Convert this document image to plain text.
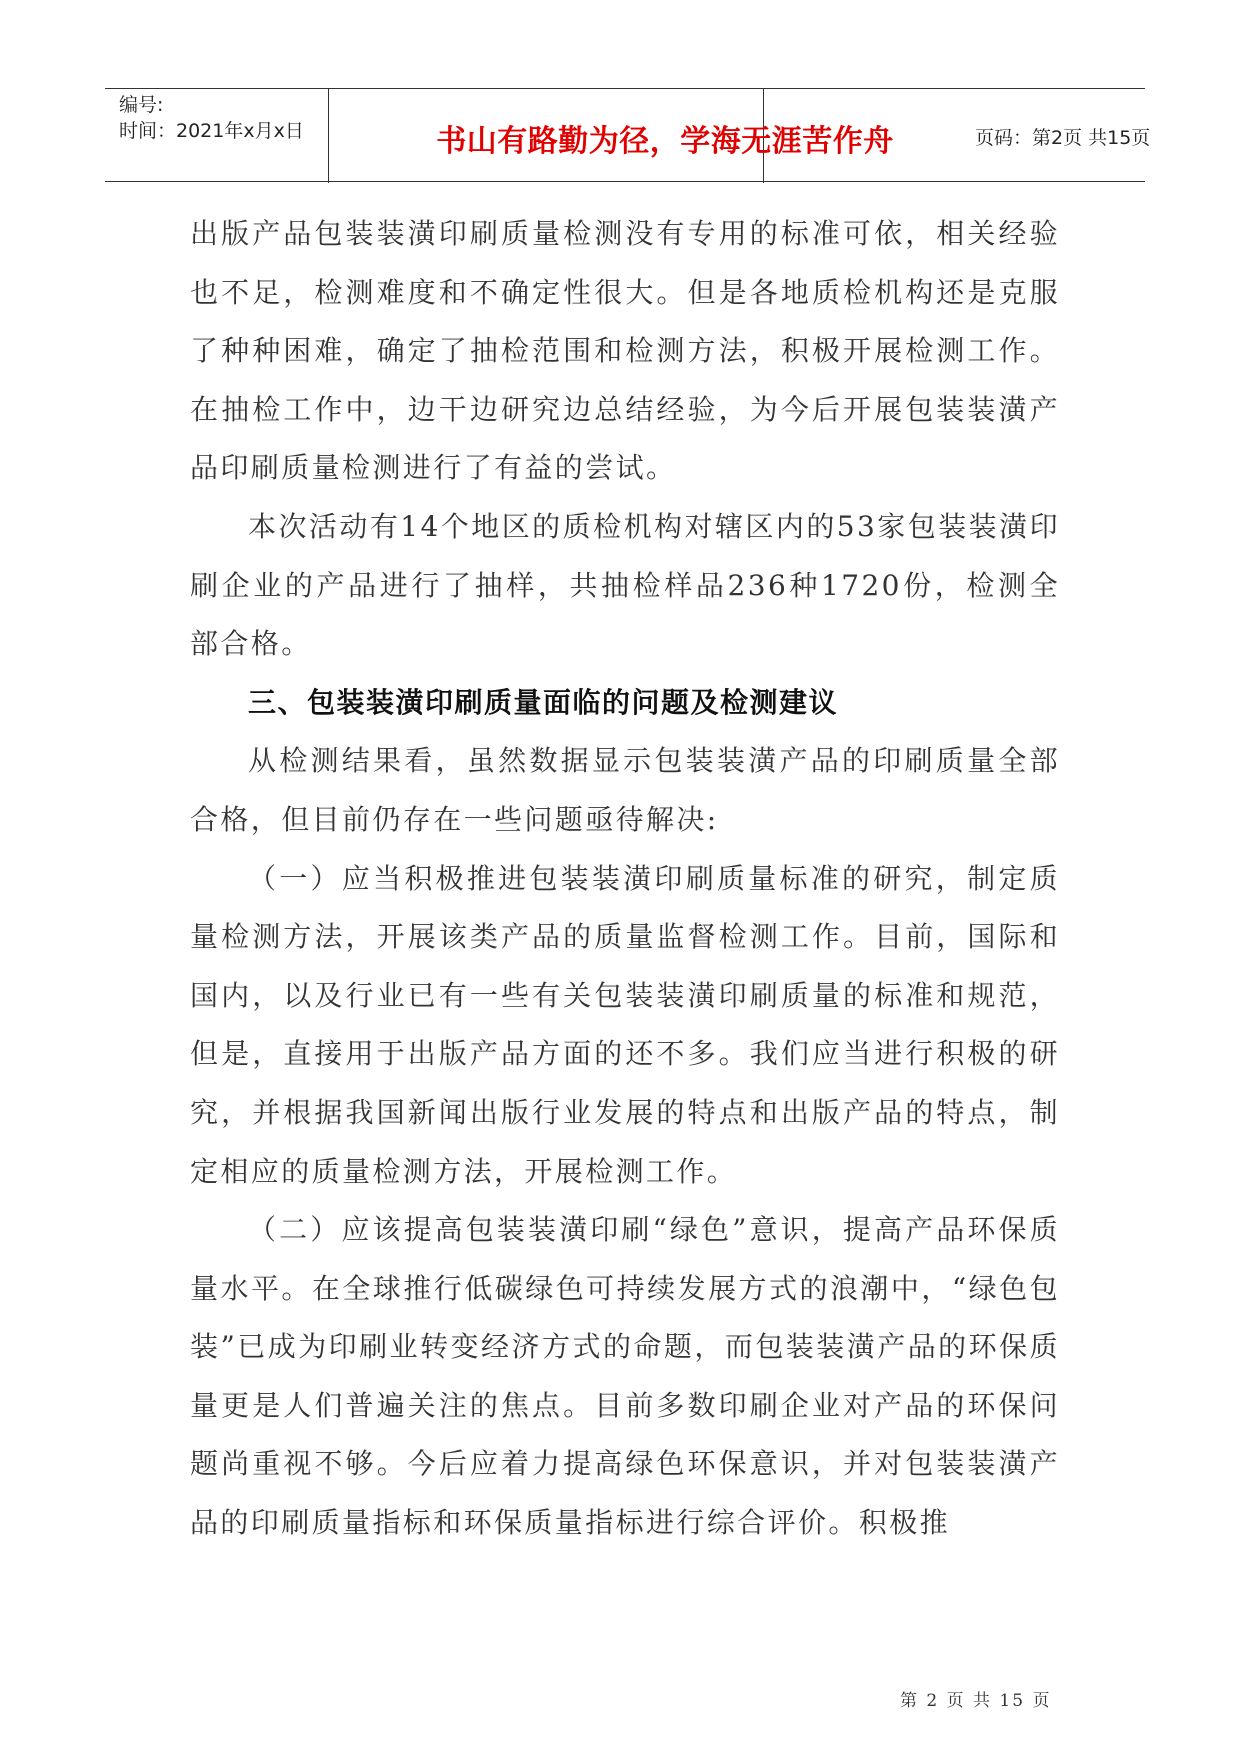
编号:
时间：2021年x月x日	书山有路勤为径，学海无涯苦作舟	页码：第2页 共15页

出版产品包装装潢印刷质量检测没有专用的标准可依，相关经验也不足，检测难度和不确定性很大。但是各地质检机构还是克服了种种困难，确定了抽检范围和检测方法，积极开展检测工作。在抽检工作中，边干边研究边总结经验，为今后开展包装装潢产品印刷质量检测进行了有益的尝试。

本次活动有14个地区的质检机构对辖区内的53家包装装潢印刷企业的产品进行了抽样，共抽检样品236种1720份，检测全部合格。

三、包装装潢印刷质量面临的问题及检测建议

从检测结果看，虽然数据显示包装装潢产品的印刷质量全部合格，但目前仍存在一些问题亟待解决:

（一）应当积极推进包装装潢印刷质量标准的研究，制定质量检测方法，开展该类产品的质量监督检测工作。目前，国际和国内，以及行业已有一些有关包装装潢印刷质量的标准和规范，但是，直接用于出版产品方面的还不多。我们应当进行积极的研究，并根据我国新闻出版行业发展的特点和出版产品的特点，制定相应的质量检测方法，开展检测工作。

（二）应该提高包装装潢印刷“绿色”意识，提高产品环保质量水平。在全球推行低碳绿色可持续发展方式的浪潮中，“绿色包装”已成为印刷业转变经济方式的命题，而包装装潢产品的环保质量更是人们普遍关注的焦点。目前多数印刷企业对产品的环保问题尚重视不够。今后应着力提高绿色环保意识，并对包装装潢产品的印刷质量指标和环保质量指标进行综合评价。积极推

第 2 页 共 15 页
